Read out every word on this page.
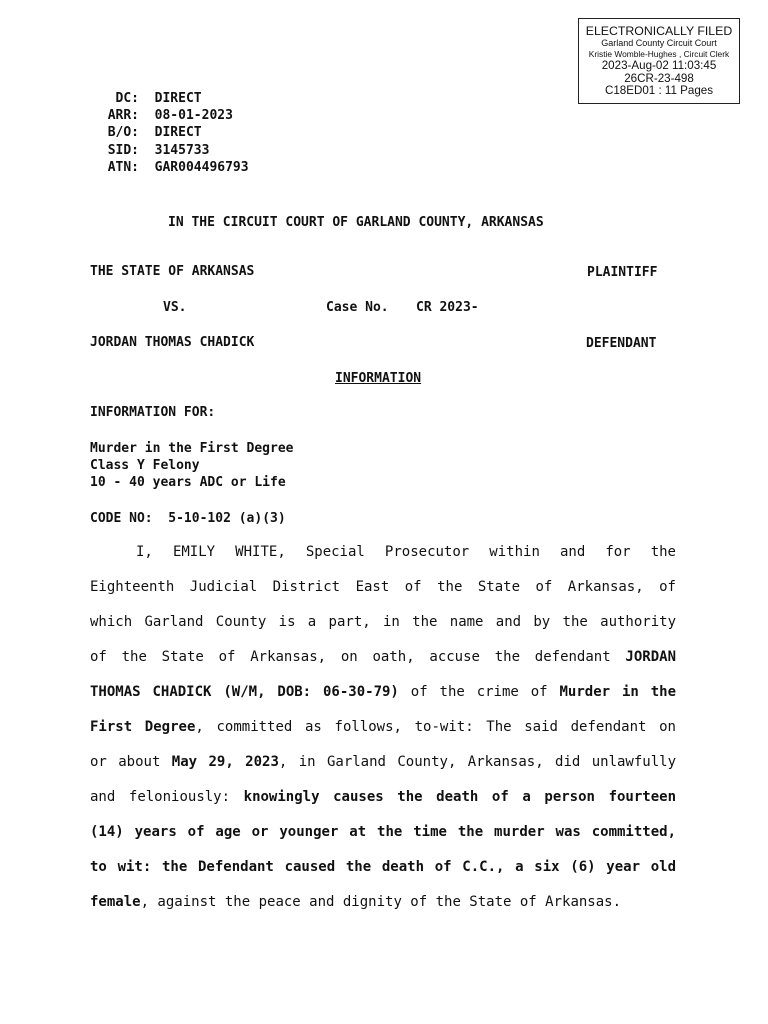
ELECTRONICALLY FILED
Garland County Circuit Court
Kristie Womble-Hughes , Circuit Clerk
2023-Aug-02 11:03:45
26CR-23-498
C18ED01 : 11 Pages
DC: DIRECT
ARR: 08-01-2023
B/O: DIRECT
SID: 3145733
ATN: GAR004496793
IN THE CIRCUIT COURT OF GARLAND COUNTY, ARKANSAS
THE STATE OF ARKANSAS	PLAINTIFF
VS.	Case No. CR 2023-
JORDAN THOMAS CHADICK	DEFENDANT
INFORMATION
INFORMATION FOR:
Murder in the First Degree
Class Y Felony
10 - 40 years ADC or Life
CODE NO: 5-10-102 (a)(3)
I, EMILY WHITE, Special Prosecutor within and for the
Eighteenth Judicial District East of the State of Arkansas, of
which Garland County is a part, in the name and by the authority
of the State of Arkansas, on oath, accuse the defendant JORDAN
THOMAS CHADICK (W/M, DOB: 06-30-79) of the crime of Murder in the
First Degree, committed as follows, to-wit: The said defendant on
or about May 29, 2023, in Garland County, Arkansas, did unlawfully
and feloniously: knowingly causes the death of a person fourteen
(14) years of age or younger at the time the murder was committed,
to wit: the Defendant caused the death of C.C., a six (6) year old
female, against the peace and dignity of the State of Arkansas.
